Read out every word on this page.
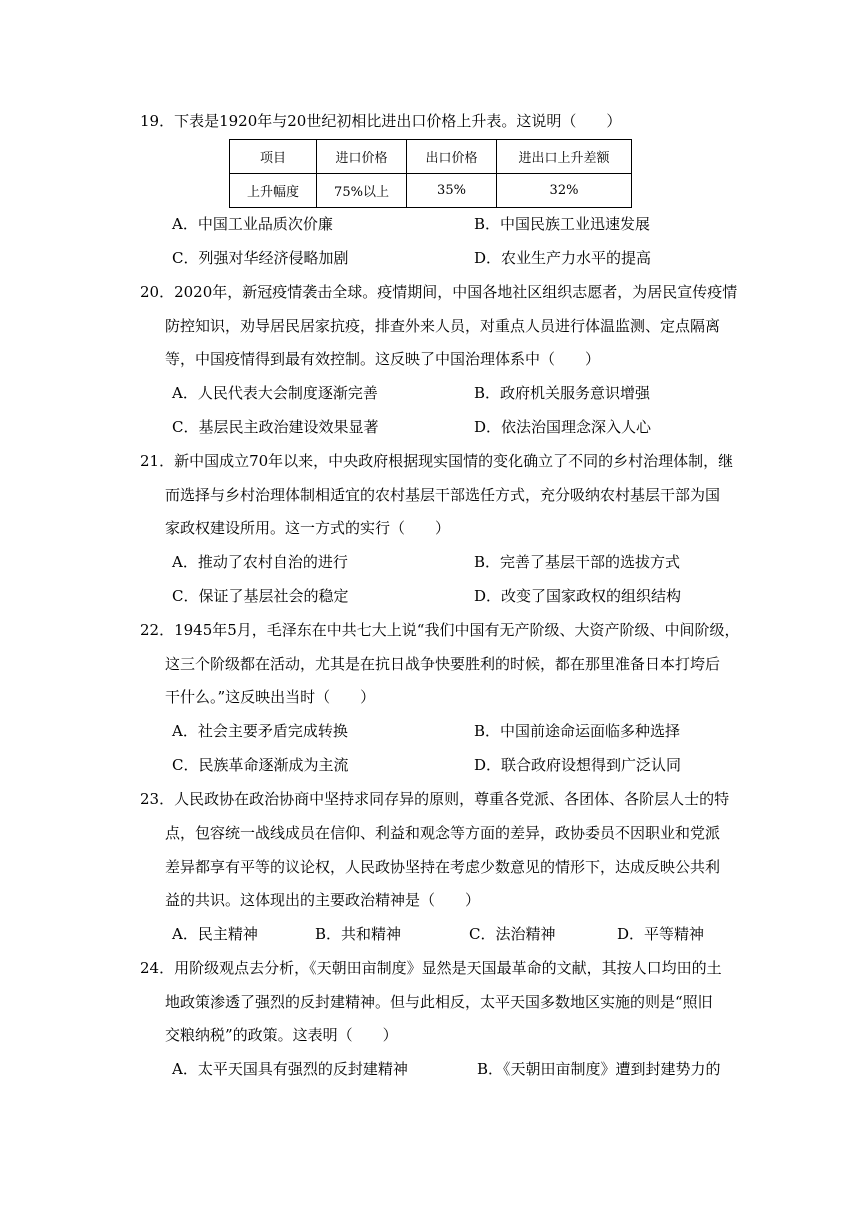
19．下表是1920年与20世纪初相比进出口价格上升表。这说明（　　）
项目	进口价格	出口价格	进出口上升差额
上升幅度	75%以上	35%	32%
A．中国工业品质次价廉	B．中国民族工业迅速发展
C．列强对华经济侵略加剧	D．农业生产力水平的提高
20．2020年，新冠疫情袭击全球。疫情期间，中国各地社区组织志愿者，为居民宣传疫情
防控知识，劝导居民居家抗疫，排查外来人员，对重点人员进行体温监测、定点隔离
等，中国疫情得到最有效控制。这反映了中国治理体系中（　　）
A．人民代表大会制度逐渐完善	B．政府机关服务意识增强
C．基层民主政治建设效果显著	D．依法治国理念深入人心
21．新中国成立70年以来，中央政府根据现实国情的变化确立了不同的乡村治理体制，继
而选择与乡村治理体制相适宜的农村基层干部选任方式，充分吸纳农村基层干部为国
家政权建设所用。这一方式的实行（　　）
A．推动了农村自治的进行	B．完善了基层干部的选拔方式
C．保证了基层社会的稳定	D．改变了国家政权的组织结构
22．1945年5月，毛泽东在中共七大上说“我们中国有无产阶级、大资产阶级、中间阶级，
这三个阶级都在活动，尤其是在抗日战争快要胜利的时候，都在那里准备日本打垮后
干什么。”这反映出当时（　　）
A．社会主要矛盾完成转换	B．中国前途命运面临多种选择
C．民族革命逐渐成为主流	D．联合政府设想得到广泛认同
23．人民政协在政治协商中坚持求同存异的原则，尊重各党派、各团体、各阶层人士的特
点，包容统一战线成员在信仰、利益和观念等方面的差异，政协委员不因职业和党派
差异都享有平等的议论权，人民政协坚持在考虑少数意见的情形下，达成反映公共利
益的共识。这体现出的主要政治精神是（　　）
A．民主精神	B．共和精神	C．法治精神	D．平等精神
24．用阶级观点去分析，《天朝田亩制度》显然是天国最革命的文献，其按人口均田的土
地政策渗透了强烈的反封建精神。但与此相反，太平天国多数地区实施的则是“照旧
交粮纳税”的政策。这表明（　　）
A．太平天国具有强烈的反封建精神	B．《天朝田亩制度》遭到封建势力的
